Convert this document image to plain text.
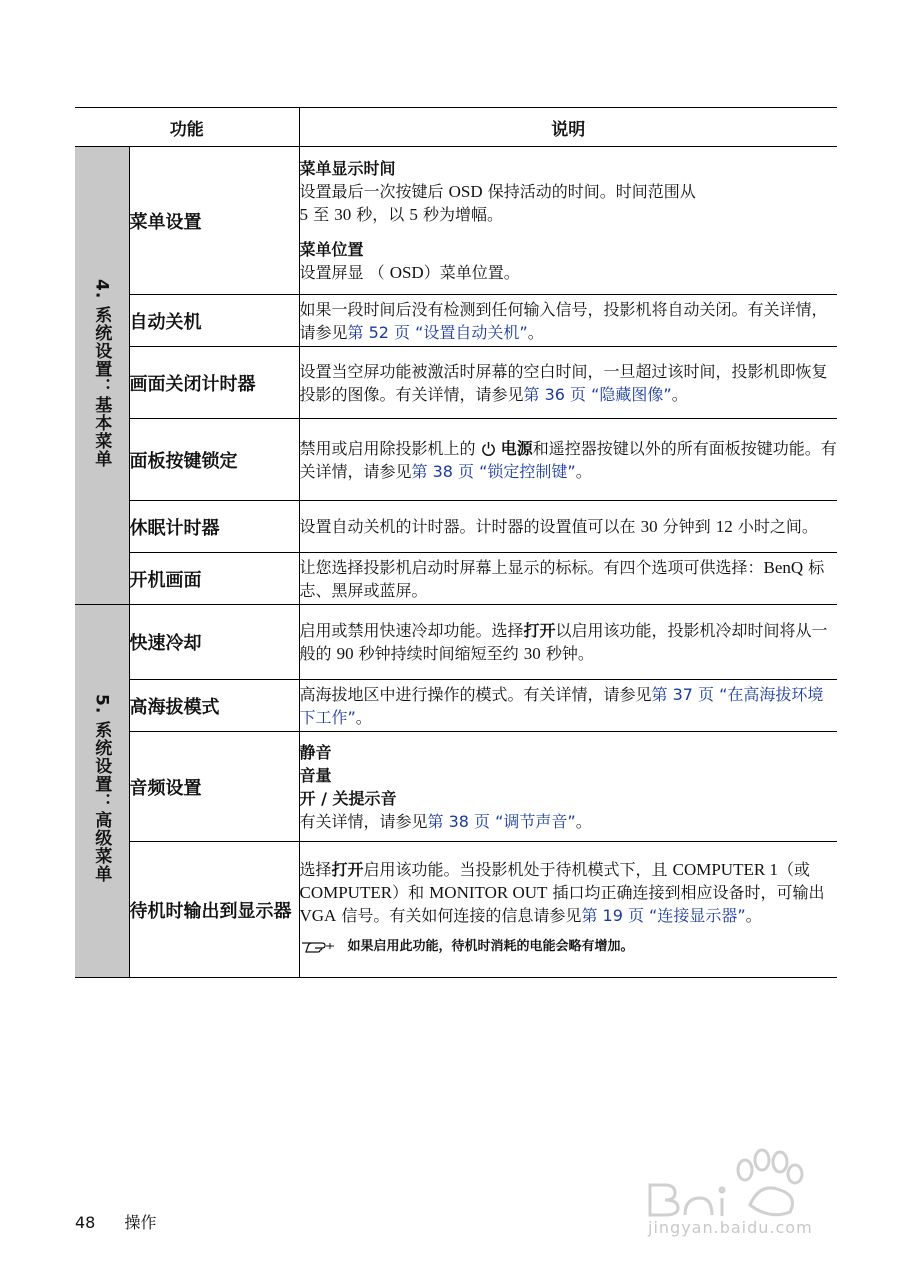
功能		说明
4. 系统设置：基本菜单	菜单设置	菜单显示时间
设置最后一次按键后 OSD 保持活动的时间。时间范围从
5 至 30 秒，以 5 秒为增幅。
菜单位置
设置屏显 （ OSD）菜单位置。

	自动关机	如果一段时间后没有检测到任何输入信号，投影机将自动关闭。有关详情，请参见第 52 页 “设置自动关机”。
	画面关闭计时器	设置当空屏功能被激活时屏幕的空白时间，一旦超过该时间，投影机即恢复投影的图像。有关详情，请参见第 36 页 “隐藏图像”。
	面板按键锁定	禁用或启用除投影机上的  电源和遥控器按键以外的所有面板按键功能。有关详情，请参见第 38 页 “锁定控制键”。
	休眠计时器	设置自动关机的计时器。计时器的设置值可以在 30 分钟到 12 小时之间。
	开机画面	让您选择投影机启动时屏幕上显示的标标。有四个选项可供选择：BenQ 标志、黑屏或蓝屏。
5. 系统设置：高级菜单	快速冷却	启用或禁用快速冷却功能。选择打开以启用该功能，投影机冷却时间将从一般的 90 秒钟持续时间缩短至约 30 秒钟。
	高海拔模式	高海拔地区中进行操作的模式。有关详情，请参见第 37 页 “在高海拔环境下工作”。
	音频设置	静音
音量
开 / 关提示音
有关详情，请参见第 38 页 “调节声音”。

	待机时输出到显示器	选择打开启用该功能。当投影机处于待机模式下，且 COMPUTER 1（或 COMPUTER）和 MONITOR OUT 插口均正确连接到相应设备时，可输出 VGA 信号。有关如何连接的信息请参见第 19 页 “连接显示器”。
如果启用此功能，待机时消耗的电能会略有增加。
48 操作	jingyan.baidu.com
